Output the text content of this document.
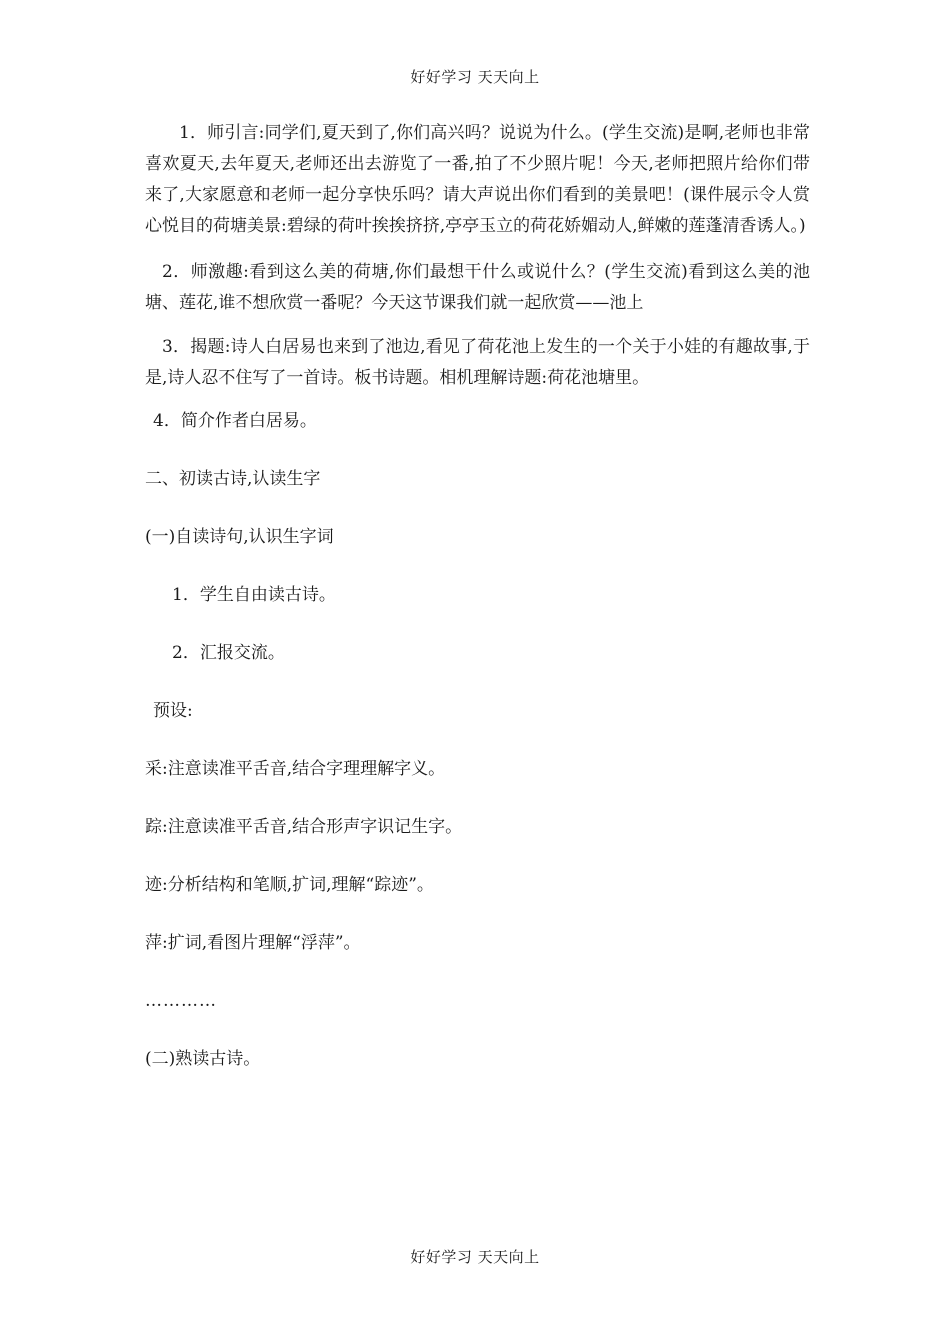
好好学习 天天向上

1．师引言:同学们,夏天到了,你们高兴吗？说说为什么。(学生交流)是啊,老师也非常喜欢夏天,去年夏天,老师还出去游览了一番,拍了不少照片呢！今天,老师把照片给你们带来了,大家愿意和老师一起分享快乐吗？请大声说出你们看到的美景吧！(课件展示令人赏心悦目的荷塘美景:碧绿的荷叶挨挨挤挤,亭亭玉立的荷花娇媚动人,鲜嫩的莲蓬清香诱人。)

2．师激趣:看到这么美的荷塘,你们最想干什么或说什么？(学生交流)看到这么美的池塘、莲花,谁不想欣赏一番呢？今天这节课我们就一起欣赏——池上

3．揭题:诗人白居易也来到了池边,看见了荷花池上发生的一个关于小娃的有趣故事,于是,诗人忍不住写了一首诗。板书诗题。相机理解诗题:荷花池塘里。

4．简介作者白居易。

二、初读古诗,认读生字

(一)自读诗句,认识生字词

1．学生自由读古诗。

2．汇报交流。

预设:

采:注意读准平舌音,结合字理理解字义。

踪:注意读准平舌音,结合形声字识记生字。

迹:分析结构和笔顺,扩词,理解“踪迹”。

萍:扩词,看图片理解“浮萍”。

…………

(二)熟读古诗。

好好学习 天天向上
